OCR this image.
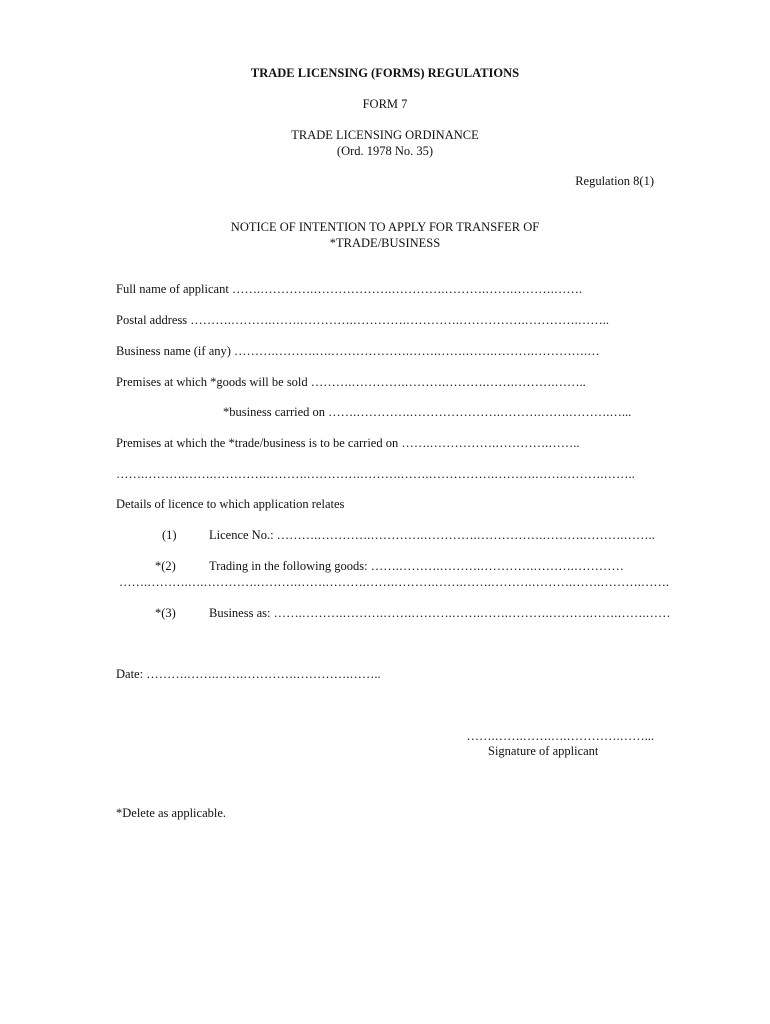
TRADE LICENSING (FORMS) REGULATIONS
FORM 7
TRADE LICENSING ORDINANCE
(Ord. 1978 No. 35)
Regulation 8(1)
NOTICE OF INTENTION TO APPLY FOR TRANSFER OF
*TRADE/BUSINESS
Full name of applicant …….………….……………….………….……….…….……….…….
Postal address ……….……….…….………….………….………….…………….………….……..
Business name (if any) ……….……….….……………….…….…….…….……….………….…
Premises at which *goods will be sold ……….………….……….……….…….……….……..
*business carried on …….………….………………….……….…….……….…...
Premises at which the *trade/business is to be carried on …….…………….………….……..
…….……….…….………….……….………….……….…….…………….……….…….……….……..
Details of licence to which application relates
(1)	Licence No.: ……….………….………….………….…………….……….……….……..
*(2)	Trading in the following goods: …….……….……….………….……….…………
…….……….….………….……….…….……….…….……….…….…….……….……….…….……….…….
*(3)	Business as: …….……….……….…….……….…….…….……….……….…….…….……
Date: ……….…….…….………….………….……..
…….…….…….….………….……...
Signature of applicant
*Delete as applicable.
